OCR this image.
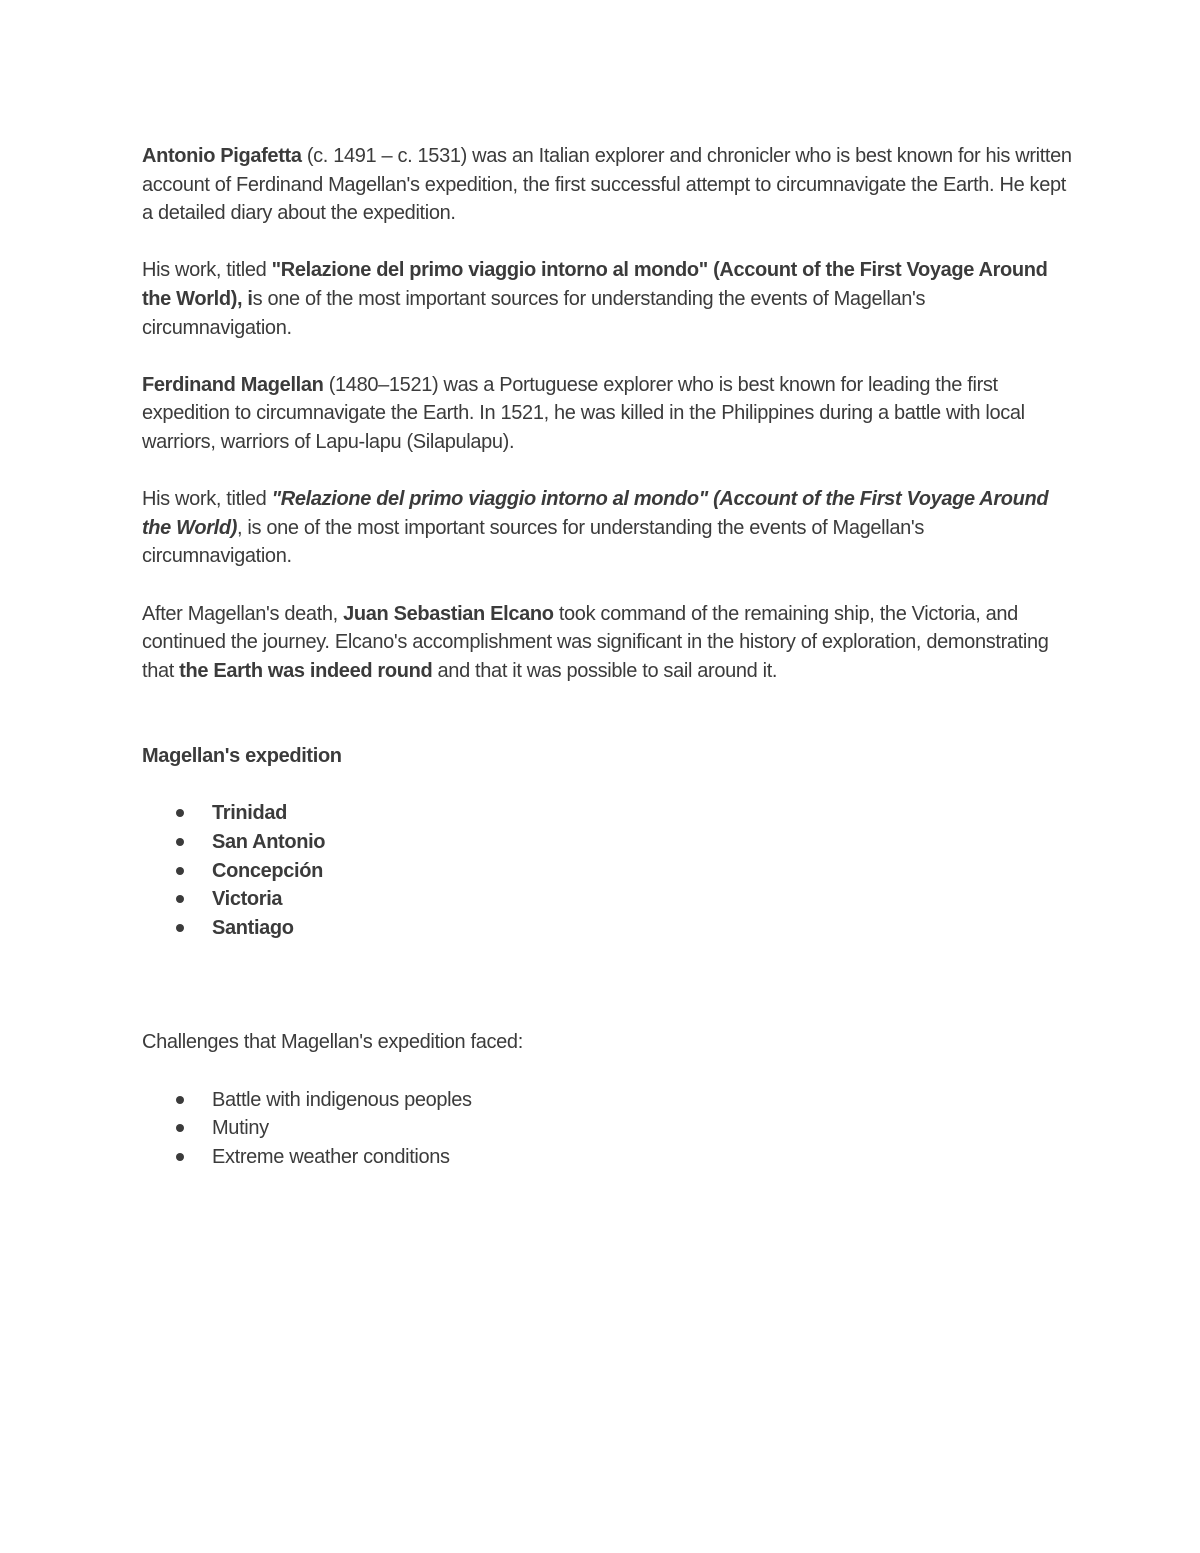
Antonio Pigafetta (c. 1491 – c. 1531) was an Italian explorer and chronicler who is best known for his written account of Ferdinand Magellan's expedition, the first successful attempt to circumnavigate the Earth. He kept a detailed diary about the expedition.

His work, titled "Relazione del primo viaggio intorno al mondo" (Account of the First Voyage Around the World), is one of the most important sources for understanding the events of Magellan's circumnavigation.

Ferdinand Magellan (1480–1521) was a Portuguese explorer who is best known for leading the first expedition to circumnavigate the Earth. In 1521, he was killed in the Philippines during a battle with local warriors, warriors of Lapu-lapu (Silapulapu).

His work, titled "Relazione del primo viaggio intorno al mondo" (Account of the First Voyage Around the World), is one of the most important sources for understanding the events of Magellan's circumnavigation.

After Magellan's death, Juan Sebastian Elcano took command of the remaining ship, the Victoria, and continued the journey. Elcano's accomplishment was significant in the history of exploration, demonstrating that the Earth was indeed round and that it was possible to sail around it.

Magellan's expedition

Trinidad
San Antonio
Concepción
Victoria
Santiago

Challenges that Magellan's expedition faced:

Battle with indigenous peoples
Mutiny
Extreme weather conditions
